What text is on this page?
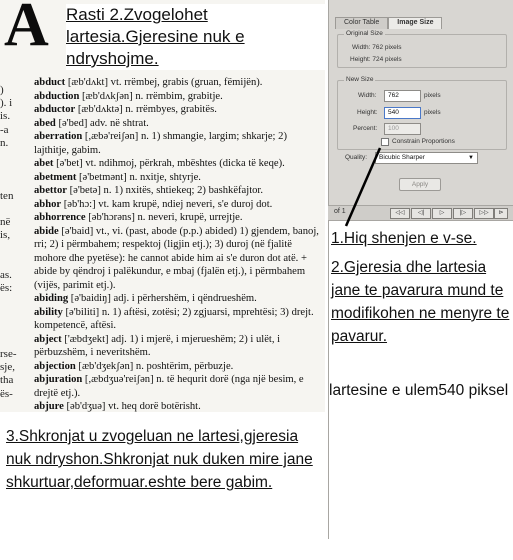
A
)
). i
is.
-a
n.

ten

në
is,

as.
ës:

rse-
sje,
tha
ës-

abduct [æb'dʌkt] vt. rrëmbej, grabis (gruan, fëmijën).

abduction [æb'dʌkʃən] n. rrëmbim, grabitje.

abductor [æb'dʌktə] n. rrëmbyes, grabitës.

abed [ə'bed] adv. në shtrat.

aberration [,æbə'reiʃən] n. 1) shmangie, largim; shkarje; 2) lajthitje, gabim.

abet [ə'bet] vt. ndihmoj, përkrah, mbështes (dicka të keqe).

abetment [ə'betmənt] n. nxitje, shtyrje.

abettor [ə'betə] n. 1) nxitës, shtiekeq; 2) bashkëfajtor.

abhor [əb'hɔ:] vt. kam krupë, ndiej neveri, s'e duroj dot.

abhorrence [əb'hɔrəns] n. neveri, krupë, urrejtje.

abide [ə'baid] vt., vi. (past, abode (p.p.) abided) 1) gjendem, banoj, rri; 2) i përmbahem; respektoj (ligjin etj.); 3) duroj (në fjalitë mohore dhe pyetëse): he cannot abide him ai s'e duron dot atë. + abide by qëndroj i palëkundur, e mbaj (fjalën etj.), i përmbahem (vijës, parimit etj.).

abiding [ə'baidiŋ] adj. i përhershëm, i qëndrueshëm.

ability [ə'biliti] n. 1) aftësi, zotësi; 2) zgjuarsi, mprehtësi; 3) drejt. kompetencë, aftësi.

abject ['æbdʒekt] adj. 1) i mjerë, i mjerueshëm; 2) i ulët, i përbuzshëm, i neveritshëm.

abjection [æb'dʒekʃən] n. poshtërim, përbuzje.

abjuration [,æbdʒuə'reiʃən] n. të hequrit dorë (nga një besim, e drejtë etj.).

abjure [əb'dʒuə] vt. heq dorë botërisht.

Rasti 2.Zvogelohet lartesia.Gjeresine nuk e ndryshojme.
Color Table	Image Size
Original Size
Width: 762 pixels
Height: 724 pixels
New Size
Width:	762	pixels
Height:	540	pixels
Percent:	100
Constrain Proportions
Quality:	Bicubic Sharper	▼
Apply
of 1	◁◁	◁|	▷	|▷	▷▷	⊳
1.Hiq shenjen e v-se.
2.Gjeresia dhe lartesia jane te pavarura mund te modifikohen ne menyre te pavarur.
lartesine e ulem540 piksel
3.Shkronjat u zvogeluan ne lartesi,gjeresia nuk ndryshon.Shkronjat nuk duken mire jane shkurtuar,deformuar.eshte bere gabim.
